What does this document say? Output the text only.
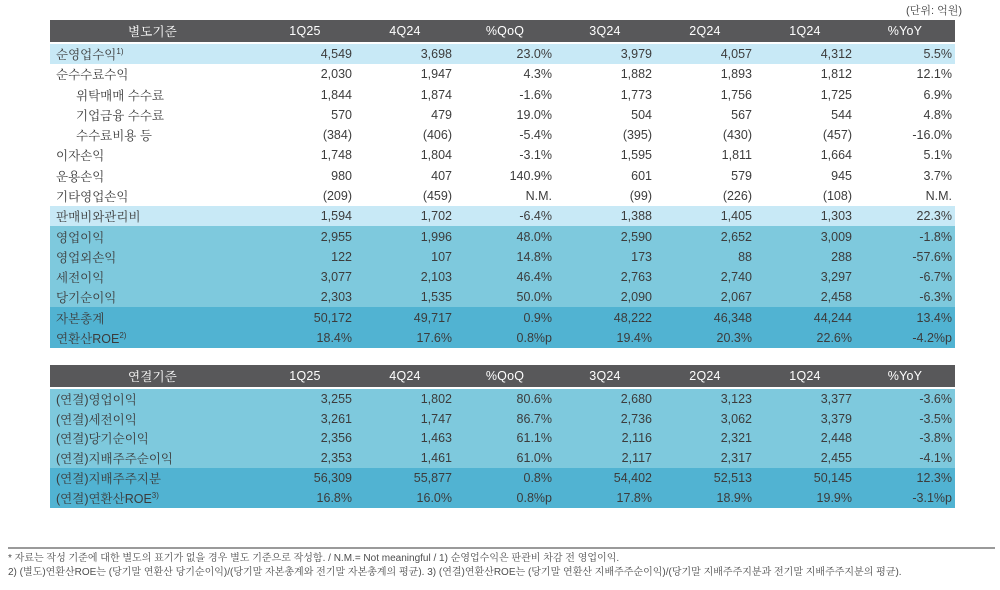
(단위: 억원)
별도기준	1Q25	4Q24	%QoQ	3Q24	2Q24	1Q24	%YoY
순영업수익$^{1)}$	4,549	3,698	23.0%	3,979	4,057	4,312	5.5%
순수수료수익	2,030	1,947	4.3%	1,882	1,893	1,812	12.1%
위탁매매 수수료	1,844	1,874	-1.6%	1,773	1,756	1,725	6.9%
기업금융 수수료	570	479	19.0%	504	567	544	4.8%
수수료비용 등	(384)	(406)	-5.4%	(395)	(430)	(457)	-16.0%
이자손익	1,748	1,804	-3.1%	1,595	1,811	1,664	5.1%
운용손익	980	407	140.9%	601	579	945	3.7%
기타영업손익	(209)	(459)	N.M.	(99)	(226)	(108)	N.M.
판매비와관리비	1,594	1,702	-6.4%	1,388	1,405	1,303	22.3%
영업이익	2,955	1,996	48.0%	2,590	2,652	3,009	-1.8%
영업외손익	122	107	14.8%	173	88	288	-57.6%
세전이익	3,077	2,103	46.4%	2,763	2,740	3,297	-6.7%
당기순이익	2,303	1,535	50.0%	2,090	2,067	2,458	-6.3%
자본총계	50,172	49,717	0.9%	48,222	46,348	44,244	13.4%
연환산ROE$^{2)}$	18.4%	17.6%	0.8%p	19.4%	20.3%	22.6%	-4.2%p
연결기준	1Q25	4Q24	%QoQ	3Q24	2Q24	1Q24	%YoY
(연결)영업이익	3,255	1,802	80.6%	2,680	3,123	3,377	-3.6%
(연결)세전이익	3,261	1,747	86.7%	2,736	3,062	3,379	-3.5%
(연결)당기순이익	2,356	1,463	61.1%	2,116	2,321	2,448	-3.8%
(연결)지배주주순이익	2,353	1,461	61.0%	2,117	2,317	2,455	-4.1%
(연결)지배주주지분	56,309	55,877	0.8%	54,402	52,513	50,145	12.3%
(연결)연환산ROE$^{3)}$	16.8%	16.0%	0.8%p	17.8%	18.9%	19.9%	-3.1%p
* 자료는 작성 기준에 대한 별도의 표기가 없을 경우 별도 기준으로 작성함. / N.M.= Not meaningful / 1) 순영업수익은 판관비 차감 전 영업이익.
2) (별도)연환산ROE는 (당기말 연환산 당기순이익)/(당기말 자본총계와 전기말 자본총계의 평균). 3) (연결)연환산ROE는 (당기말 연환산 지배주주순이익)/(당기말 지배주주지분과 전기말 지배주주지분의 평균).
